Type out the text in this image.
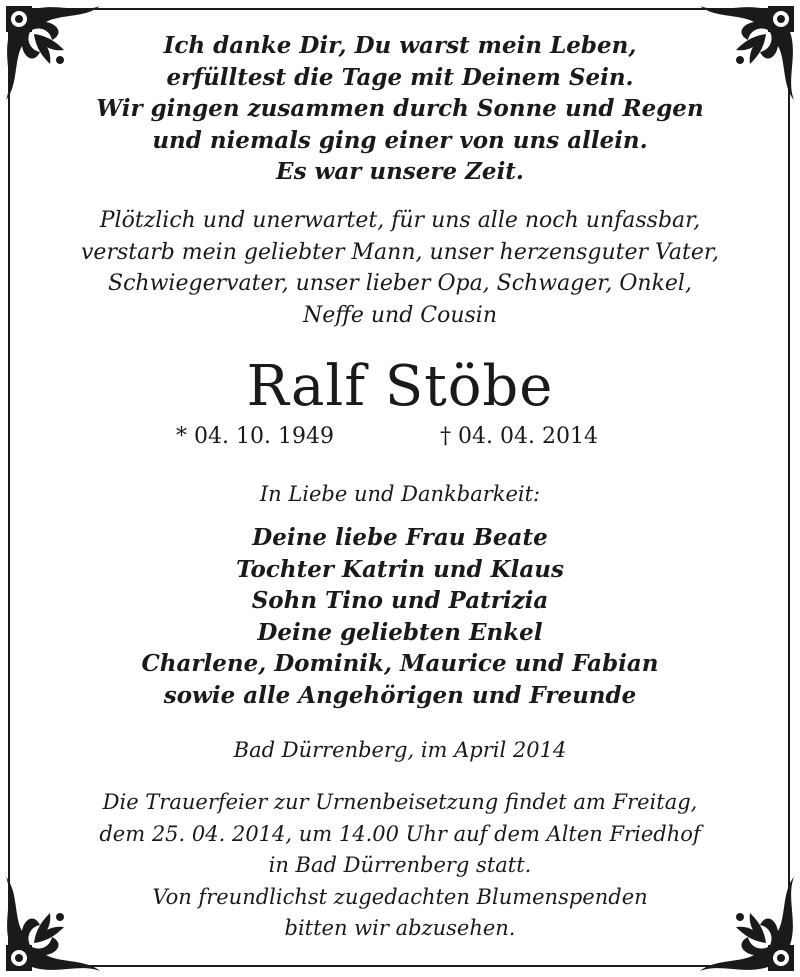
Ich danke Dir, Du warst mein Leben,
erfülltest die Tage mit Deinem Sein.
Wir gingen zusammen durch Sonne und Regen
und niemals ging einer von uns allein.
Es war unsere Zeit.
Plötzlich und unerwartet, für uns alle noch unfassbar,
verstarb mein geliebter Mann, unser herzensguter Vater,
Schwiegervater, unser lieber Opa, Schwager, Onkel,
Neffe und Cousin
Ralf Stöbe
* 04. 10. 1949	† 04. 04. 2014
In Liebe und Dankbarkeit:
Deine liebe Frau Beate
Tochter Katrin und Klaus
Sohn Tino und Patrizia
Deine geliebten Enkel
Charlene, Dominik, Maurice und Fabian
sowie alle Angehörigen und Freunde
Bad Dürrenberg, im April 2014
Die Trauerfeier zur Urnenbeisetzung findet am Freitag,
dem 25. 04. 2014, um 14.00 Uhr auf dem Alten Friedhof
in Bad Dürrenberg statt.
Von freundlichst zugedachten Blumenspenden
bitten wir abzusehen.
